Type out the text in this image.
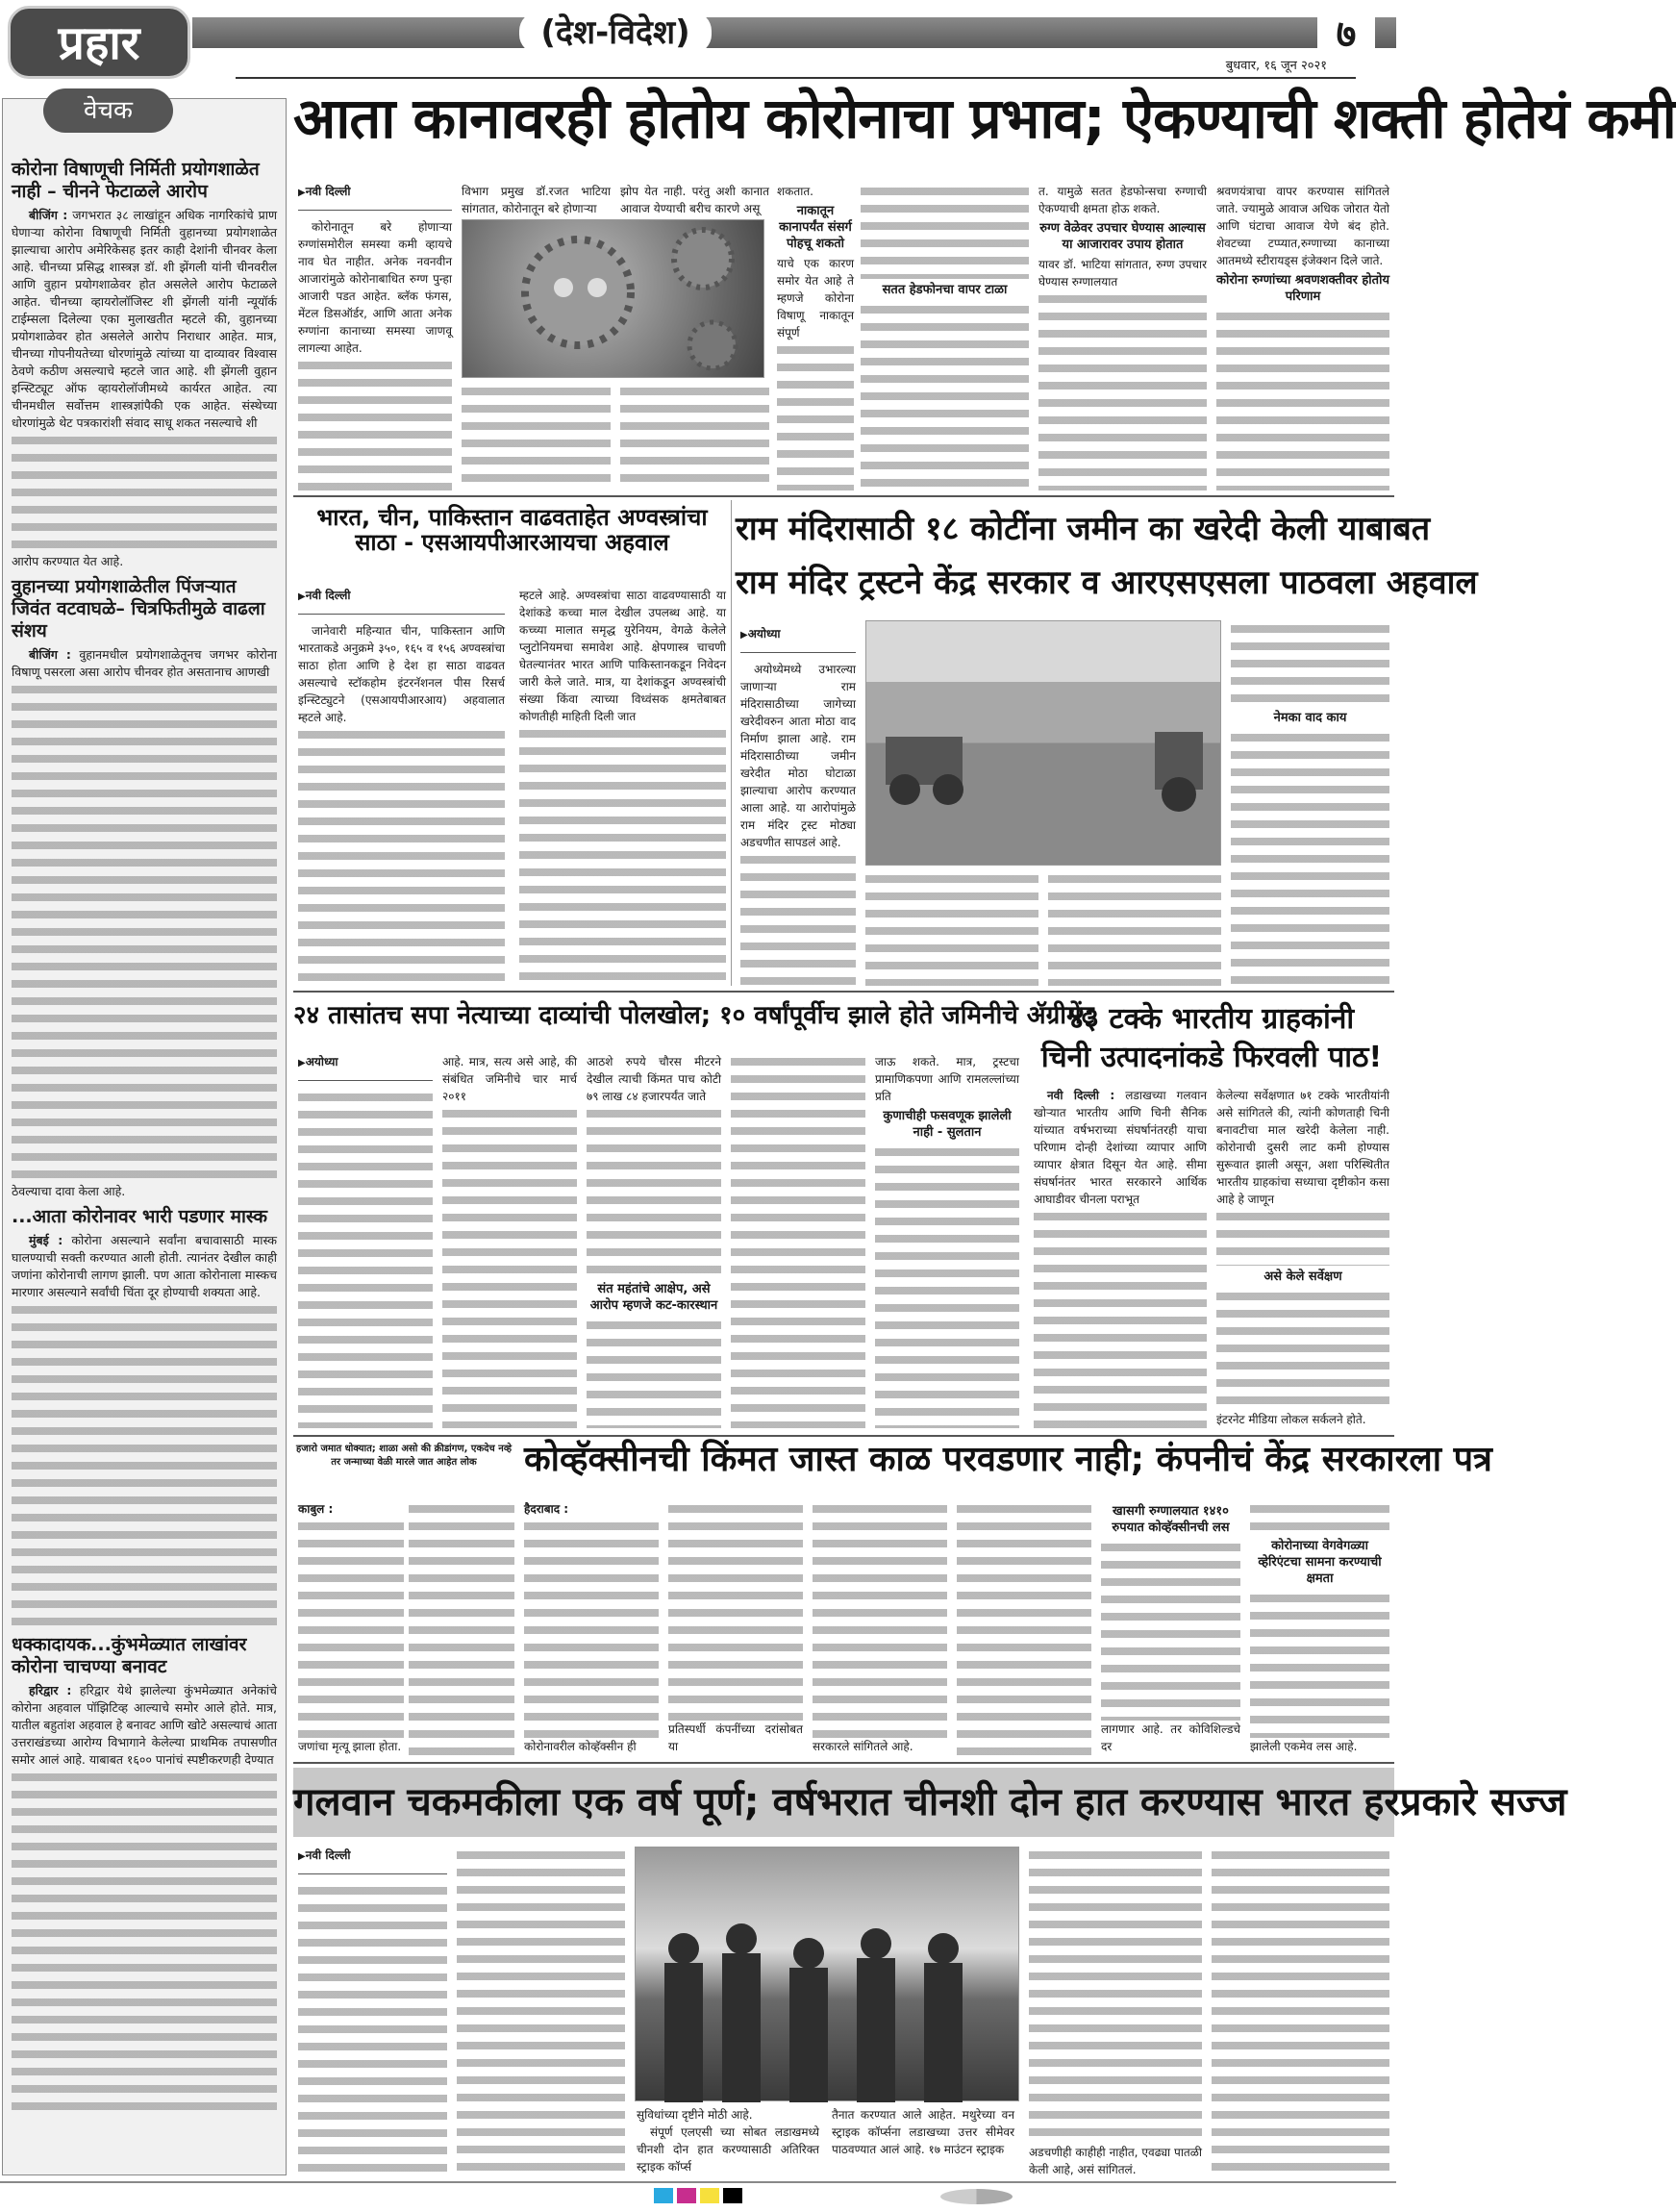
प्रहार	(देश-विदेश)	७
बुधवार, १६ जून २०२१
कोरोना विषाणूची निर्मिती प्रयोगशाळेत नाही – चीनने फेटाळले आरोप

बीजिंग : जगभरात ३८ लाखांहून अधिक नागरिकांचे प्राण घेणाऱ्या कोरोना विषाणूची निर्मिती वुहानच्या प्रयोगशाळेत झाल्याचा आरोप अमेरिकेसह इतर काही देशांनी चीनवर केला आहे. चीनच्या प्रसिद्ध शास्त्रज्ञ डॉ. शी झेंगली यांनी चीनवरील आणि वुहान प्रयोगशाळेवर होत असलेले आरोप फेटाळले आहेत. चीनच्या व्हायरोलॉजिस्ट शी झेंगली यांनी न्यूयॉर्क टाईम्सला दिलेल्या एका मुलाखतीत म्हटले की, वुहानच्या प्रयोगशाळेवर होत असलेले आरोप निराधार आहेत. मात्र, चीनच्या गोपनीयतेच्या धोरणांमुळे त्यांच्या या दाव्यावर विश्वास ठेवणे कठीण असल्याचे म्हटले जात आहे. शी झेंगली वुहान इन्स्टिट्यूट ऑफ व्हायरोलॉजीमध्ये कार्यरत आहेत. त्या चीनमधील सर्वोत्तम शास्त्रज्ञांपैकी एक आहेत. संस्थेच्या धोरणांमुळे थेट पत्रकारांशी संवाद साधू शकत नसल्याचे शी

आरोप करण्यात येत आहे.

वुहानच्या प्रयोगशाळेतील पिंजऱ्यात जिवंत वटवाघळे– चित्रफितीमुळे वाढला संशय

बीजिंग : वुहानमधील प्रयोगशाळेतूनच जगभर कोरोना विषाणू पसरला असा आरोप चीनवर होत असतानाच आणखी

ठेवल्याचा दावा केला आहे.

...आता कोरोनावर भारी पडणार मास्क

मुंबई : कोरोना असल्याने सर्वांना बचावासाठी मास्क घालण्याची सक्ती करण्यात आली होती. त्यानंतर देखील काही जणांना कोरोनाची लागण झाली. पण आता कोरोनाला मास्कच मारणार असल्याने सर्वांची चिंता दूर होण्याची शक्यता आहे.

धक्कादायक...कुंभमेळ्यात लाखांवर कोरोना चाचण्या बनावट

हरिद्वार : हरिद्वार येथे झालेल्या कुंभमेळ्यात अनेकांचे कोरोना अहवाल पॉझिटिव्ह आल्याचे समोर आले होते. मात्र, यातील बहुतांश अहवाल हे बनावट आणि खोटे असल्याचं आता उत्तराखंडच्या आरोग्य विभागाने केलेल्या प्राथमिक तपासणीत समोर आलं आहे. याबाबत १६०० पानांचं स्पष्टीकरणही देण्यात

वेचक	आता कानावरही होतोय कोरोनाचा प्रभाव; ऐकण्याची शक्ती होतेयं कमी
▶ नवी दिल्ली

कोरोनातून बरे होणाऱ्या रुग्णांसमोरील समस्या कमी व्हायचे नाव घेत नाहीत. अनेक नवनवीन आजारांमुळे कोरोनाबाधित रुग्ण पुन्हा आजारी पडत आहेत. ब्लॅक फंगस, मेंटल डिसऑर्डर, आणि आता अनेक रुग्णांना कानाच्या समस्या जाणवू लागल्या आहेत.

विभाग प्रमुख डॉ.रजत भाटिया सांगतात, कोरोनातून बरे होणाऱ्या
झोप येत नाही. परंतु अशी कानात आवाज येण्याची बरीच कारणे असू
शकतात.
नाकातून कानापर्यंत संसर्ग पोहचू शकतो
याचे एक कारण समोर येत आहे ते म्हणजे कोरोना विषाणू नाकातून संपूर्ण
सतत हेडफोनचा वापर टाळा
त. यामुळे सतत हेडफोन्सचा रुग्णाची ऐकण्याची क्षमता होऊ शकते.
रुग्ण वेळेवर उपचार घेण्यास आल्यास या आजारावर उपाय होतात
यावर डॉ. भाटिया सांगतात, रुग्ण उपचार घेण्यास रुग्णालयात
श्रवणयंत्राचा वापर करण्यास सांगितले जाते. ज्यामुळे आवाज अधिक जोरात येतो आणि घंटाचा आवाज येणे बंद होते. शेवटच्या टप्प्यात,रुग्णाच्या कानाच्या आतमध्ये स्टीरायड्स इंजेक्शन दिले जाते.
कोरोना रुग्णांच्या श्रवणशक्तीवर होतोय परिणाम
भारत, चीन, पाकिस्तान वाढवताहेत अण्वस्त्रांचा
साठा - एसआयपीआरआयचा अहवाल
▶ नवी दिल्ली

जानेवारी महिन्यात चीन, पाकिस्तान आणि भारताकडे अनुक्रमे ३५०, १६५ व १५६ अण्वस्त्रांचा साठा होता आणि हे देश हा साठा वाढवत असल्याचे स्टॉकहोम इंटरनॅशनल पीस रिसर्च इन्स्टिट्युटने (एसआयपीआरआय) अहवालात म्हटले आहे.

म्हटले आहे. अण्वस्त्रांचा साठा वाढवण्यासाठी या देशांकडे कच्चा माल देखील उपलब्ध आहे. या कच्च्या मालात समृद्ध युरेनियम, वेगळे केलेले प्लुटोनियमचा समावेश आहे. क्षेपणास्त्र चाचणी घेतल्यानंतर भारत आणि पाकिस्तानकडून निवेदन जारी केले जाते. मात्र, या देशांकडून अण्वस्त्रांची संख्या किंवा त्याच्या विध्वंसक क्षमतेबाबत कोणतीही माहिती दिली जात
राम मंदिरासाठी १८ कोटींना जमीन का खरेदी केली याबाबत
राम मंदिर ट्रस्टने केंद्र सरकार व आरएसएसला पाठवला अहवाल
▶ अयोध्या

अयोध्येमध्ये उभारल्या जाणाऱ्या राम मंदिरासाठीच्या जागेच्या खरेदीवरुन आता मोठा वाद निर्माण झाला आहे. राम मंदिरासाठीच्या जमीन खरेदीत मोठा घोटाळा झाल्याचा आरोप करण्यात आला आहे. या आरोपांमुळे राम मंदिर ट्रस्ट मोठ्या अडचणीत सापडलं आहे.

नेमका वाद काय
२४ तासांतच सपा नेत्याच्या दाव्यांची पोलखोल; १० वर्षांपूर्वीच झाले होते जमिनीचे ॲग्रीमेंट
▶ अयोध्या	आहे. मात्र, सत्य असे आहे, की संबंधित जमिनीचे चार मार्च २०११
आठशे रुपये चौरस मीटरने देखील त्याची किंमत पाच कोटी ७९ लाख ८४ हजारपर्यंत जाते
संत महंतांचे आक्षेप, असे आरोप म्हणजे कट-कारस्थान
जाऊ शकते. मात्र, ट्रस्टचा प्रामाणिकपणा आणि रामलल्लांच्या प्रति
कुणाचीही फसवणूक झालेली नाही - सुलतान
४३ टक्के भारतीय ग्राहकांनी
चिनी उत्पादनांकडे फिरवली पाठ!

नवी दिल्ली : लडाखच्या गलवान खोऱ्यात भारतीय आणि चिनी सैनिक यांच्यात वर्षभराच्या संघर्षानंतरही याचा परिणाम दोन्ही देशांच्या व्यापार आणि व्यापार क्षेत्रात दिसून येत आहे. सीमा संघर्षानंतर भारत सरकारने आर्थिक आघाडीवर चीनला पराभूत

केलेल्या सर्वेक्षणात ७१ टक्के भारतीयांनी असे सांगितले की, त्यांनी कोणताही चिनी बनावटीचा माल खरेदी केलेला नाही. कोरोनाची दुसरी लाट कमी होण्यास सुरूवात झाली असून, अशा परिस्थितीत भारतीय ग्राहकांचा सध्याचा दृष्टीकोन कसा आहे हे जाणून
असे केले सर्वेक्षण
इंटरनेट मीडिया लोकल सर्कलने होते.
हजारो जमात धोक्यात; शाळा असो की क्रीडांगण, एकदेच नव्हे तर जन्माच्या वेळी मारले जात आहेत लोक
काबुल :
जणांचा मृत्यू झाला होता.
कोव्हॅक्सीनची किंमत जास्त काळ परवडणार नाही; कंपनीचं केंद्र सरकारला पत्र
हैदराबाद :
कोरोनावरील कोव्हॅक्सीन ही
प्रतिस्पर्धी कंपनींच्या दरांसोबत या	सरकारले सांगितले आहे.
खासगी रुग्णालयात १४१० रुपयात कोव्हॅक्सीनची लस
लागणार आहे. तर कोविशिल्डचे दर
कोरोनाच्या वेगवेगळ्या व्हेरिएंटचा सामना करण्याची क्षमता
झालेली एकमेव लस आहे.
गलवान चकमकीला एक वर्ष पूर्ण; वर्षभरात चीनशी दोन हात करण्यास भारत हरप्रकारे सज्ज
▶ नवी दिल्ली
सुविधांच्या दृष्टीने मोठी आहे.

संपूर्ण एलएसी च्या सोबत लडाखमध्ये चीनशी दोन हात करण्यासाठी अतिरिक्त स्ट्राइक कॉर्प्स

तैनात करण्यात आले आहेत. मथुरेच्या वन स्ट्राइक कॉर्प्सना लडाखच्या उत्तर सीमेवर पाठवण्यात आलं आहे. १७ माउंटन स्ट्राइक	अडचणीही काहीही नाहीत, एवढ्या पातळी केली आहे, असं सांगितलं.
